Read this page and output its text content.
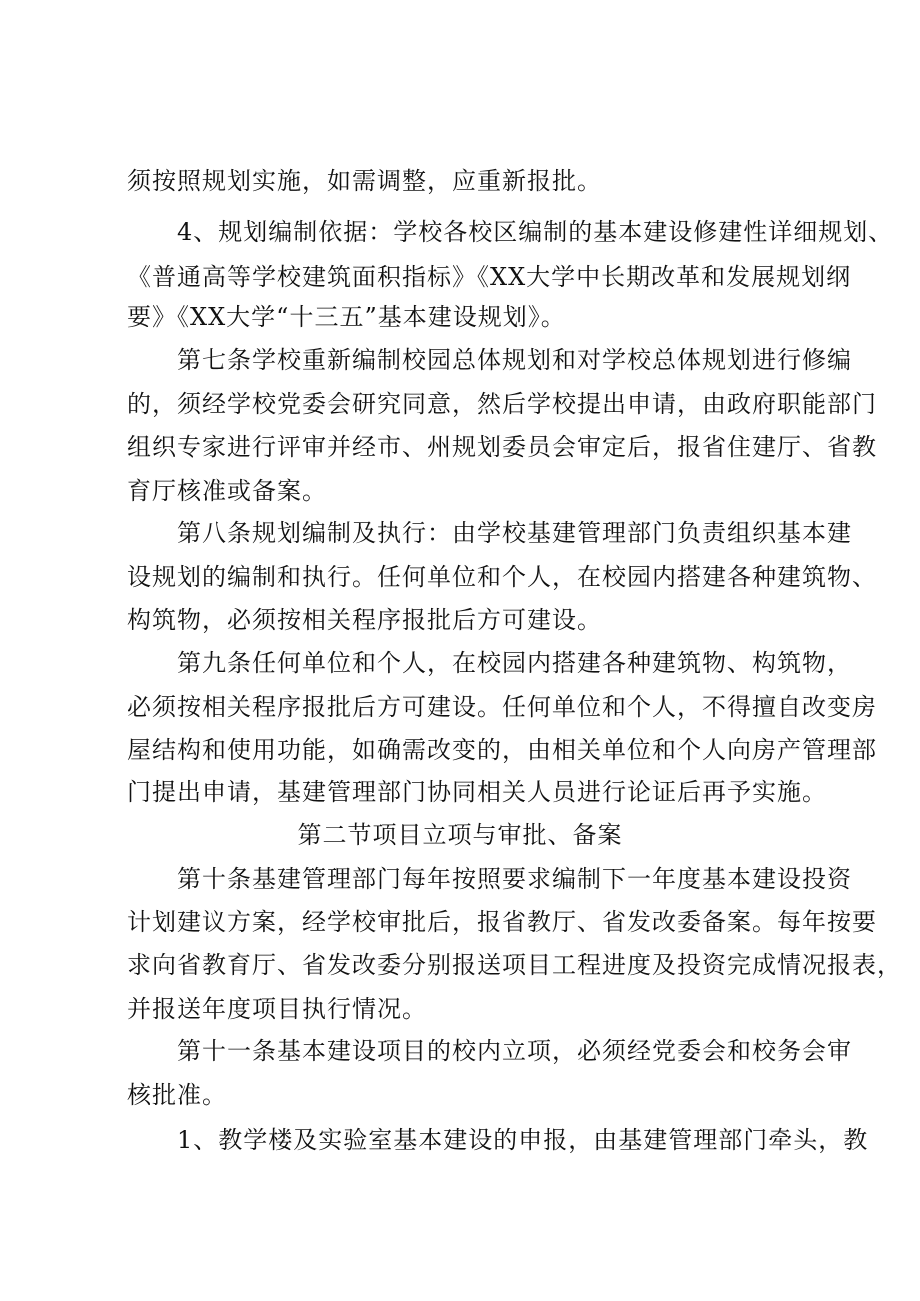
须按照规划实施，如需调整，应重新报批。
4、规划编制依据：学校各校区编制的基本建设修建性详细规划、
《普通高等学校建筑面积指标》《XX大学中长期改革和发展规划纲
要》《XX大学“十三五”基本建设规划》。
第七条学校重新编制校园总体规划和对学校总体规划进行修编
的，须经学校党委会研究同意，然后学校提出申请，由政府职能部门
组织专家进行评审并经市、州规划委员会审定后，报省住建厅、省教
育厅核准或备案。
第八条规划编制及执行：由学校基建管理部门负责组织基本建
设规划的编制和执行。任何单位和个人，在校园内搭建各种建筑物、
构筑物，必须按相关程序报批后方可建设。
第九条任何单位和个人，在校园内搭建各种建筑物、构筑物，
必须按相关程序报批后方可建设。任何单位和个人，不得擅自改变房
屋结构和使用功能，如确需改变的，由相关单位和个人向房产管理部
门提出申请，基建管理部门协同相关人员进行论证后再予实施。
第二节项目立项与审批、备案
第十条基建管理部门每年按照要求编制下一年度基本建设投资
计划建议方案，经学校审批后，报省教厅、省发改委备案。每年按要
求向省教育厅、省发改委分别报送项目工程进度及投资完成情况报表，
并报送年度项目执行情况。
第十一条基本建设项目的校内立项，必须经党委会和校务会审
核批准。
1、教学楼及实验室基本建设的申报，由基建管理部门牵头，教
